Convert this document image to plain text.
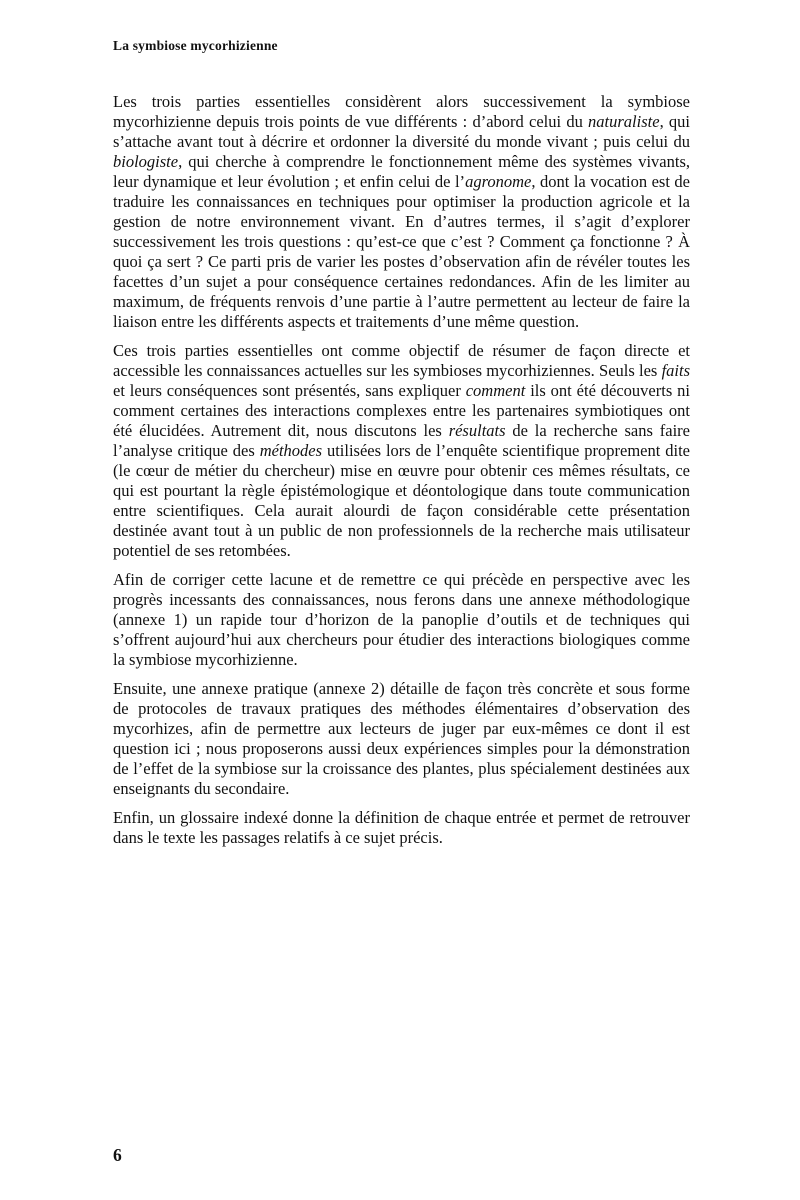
La symbiose mycorhizienne

Les trois parties essentielles considèrent alors successivement la symbiose mycorhizienne depuis trois points de vue différents : d’abord celui du naturaliste, qui s’attache avant tout à décrire et ordonner la diversité du monde vivant ; puis celui du biologiste, qui cherche à comprendre le fonctionnement même des systèmes vivants, leur dynamique et leur évolution ; et enfin celui de l’agronome, dont la vocation est de traduire les connaissances en techniques pour optimiser la production agricole et la gestion de notre environnement vivant. En d’autres termes, il s’agit d’explorer successivement les trois questions : qu’est-ce que c’est ? Comment ça fonctionne ? À quoi ça sert ? Ce parti pris de varier les postes d’observation afin de révéler toutes les facettes d’un sujet a pour conséquence certaines redondances. Afin de les limiter au maximum, de fréquents renvois d’une partie à l’autre permettent au lecteur de faire la liaison entre les différents aspects et traitements d’une même question.

Ces trois parties essentielles ont comme objectif de résumer de façon directe et accessible les connaissances actuelles sur les symbioses mycorhiziennes. Seuls les faits et leurs conséquences sont présentés, sans expliquer comment ils ont été découverts ni comment certaines des interactions complexes entre les partenaires symbiotiques ont été élucidées. Autrement dit, nous discutons les résultats de la recherche sans faire l’analyse critique des méthodes utilisées lors de l’enquête scientifique proprement dite (le cœur de métier du chercheur) mise en œuvre pour obtenir ces mêmes résultats, ce qui est pourtant la règle épistémologique et déontologique dans toute communication entre scientifiques. Cela aurait alourdi de façon considérable cette présentation destinée avant tout à un public de non professionnels de la recherche mais utilisateur potentiel de ses retombées.

Afin de corriger cette lacune et de remettre ce qui précède en perspective avec les progrès incessants des connaissances, nous ferons dans une annexe méthodologique (annexe 1) un rapide tour d’horizon de la panoplie d’outils et de techniques qui s’offrent aujourd’hui aux chercheurs pour étudier des interactions biologiques comme la symbiose mycorhizienne.

Ensuite, une annexe pratique (annexe 2) détaille de façon très concrète et sous forme de protocoles de travaux pratiques des méthodes élémentaires d’observation des mycorhizes, afin de permettre aux lecteurs de juger par eux-mêmes ce dont il est question ici ; nous proposerons aussi deux expériences simples pour la démonstration de l’effet de la symbiose sur la croissance des plantes, plus spécialement destinées aux enseignants du secondaire.

Enfin, un glossaire indexé donne la définition de chaque entrée et permet de retrouver dans le texte les passages relatifs à ce sujet précis.

6
